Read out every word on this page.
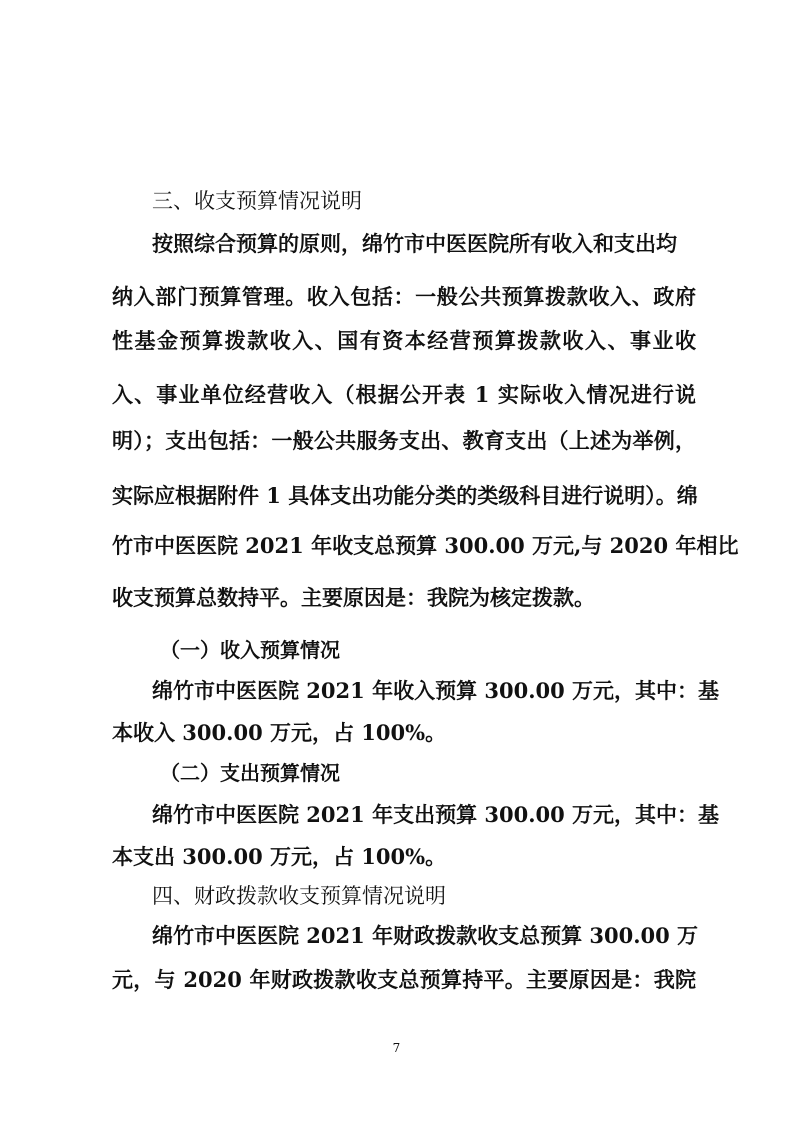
三、收支预算情况说明
按照综合预算的原则，绵竹市中医医院所有收入和支出均
纳入部门预算管理。收入包括：一般公共预算拨款收入、政府
性基金预算拨款收入、国有资本经营预算拨款收入、事业收
入、事业单位经营收入（根据公开表 1 实际收入情况进行说
明）；支出包括：一般公共服务支出、教育支出（上述为举例，
实际应根据附件 1 具体支出功能分类的类级科目进行说明）。绵
竹市中医医院 2021 年收支总预算 300.00 万元,与 2020 年相比
收支预算总数持平。主要原因是：我院为核定拨款。
（一）收入预算情况
绵竹市中医医院 2021 年收入预算 300.00 万元，其中：基
本收入 300.00 万元，占 100%。
（二）支出预算情况
绵竹市中医医院 2021 年支出预算 300.00 万元，其中：基
本支出 300.00 万元，占 100%。
四、财政拨款收支预算情况说明
绵竹市中医医院 2021 年财政拨款收支总预算 300.00 万
元，与 2020 年财政拨款收支总预算持平。主要原因是：我院
7
